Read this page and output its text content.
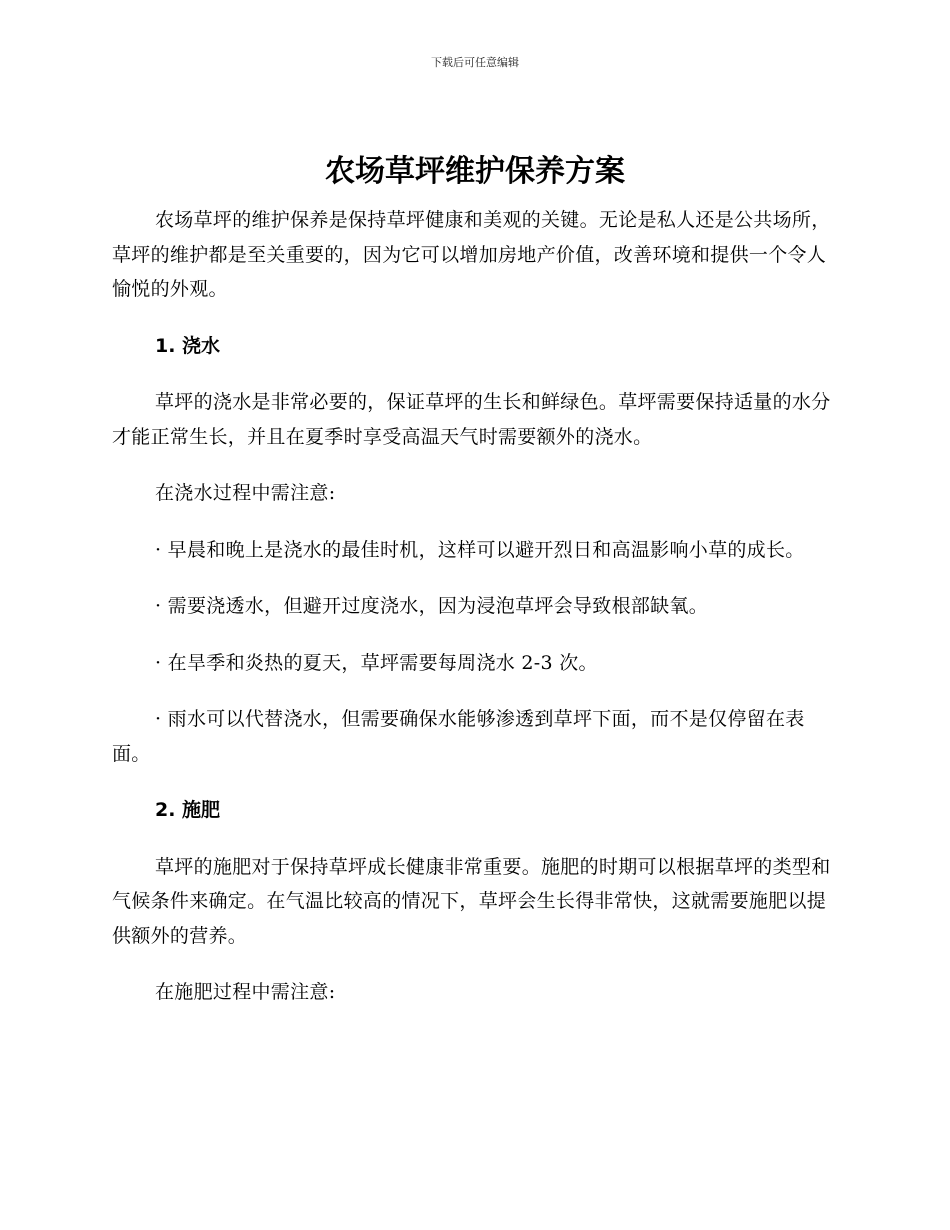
下载后可任意编辑
农场草坪维护保养方案

农场草坪的维护保养是保持草坪健康和美观的关键。无论是私人还是公共场所，草坪的维护都是至关重要的，因为它可以增加房地产价值，改善环境和提供一个令人愉悦的外观。

1. 浇水

草坪的浇水是非常必要的，保证草坪的生长和鲜绿色。草坪需要保持适量的水分才能正常生长，并且在夏季时享受高温天气时需要额外的浇水。

在浇水过程中需注意:

· 早晨和晚上是浇水的最佳时机，这样可以避开烈日和高温影响小草的成长。

· 需要浇透水，但避开过度浇水，因为浸泡草坪会导致根部缺氧。

· 在旱季和炎热的夏天，草坪需要每周浇水 2-3 次。

· 雨水可以代替浇水，但需要确保水能够渗透到草坪下面，而不是仅停留在表面。

2. 施肥

草坪的施肥对于保持草坪成长健康非常重要。施肥的时期可以根据草坪的类型和气候条件来确定。在气温比较高的情况下，草坪会生长得非常快，这就需要施肥以提供额外的营养。

在施肥过程中需注意:
